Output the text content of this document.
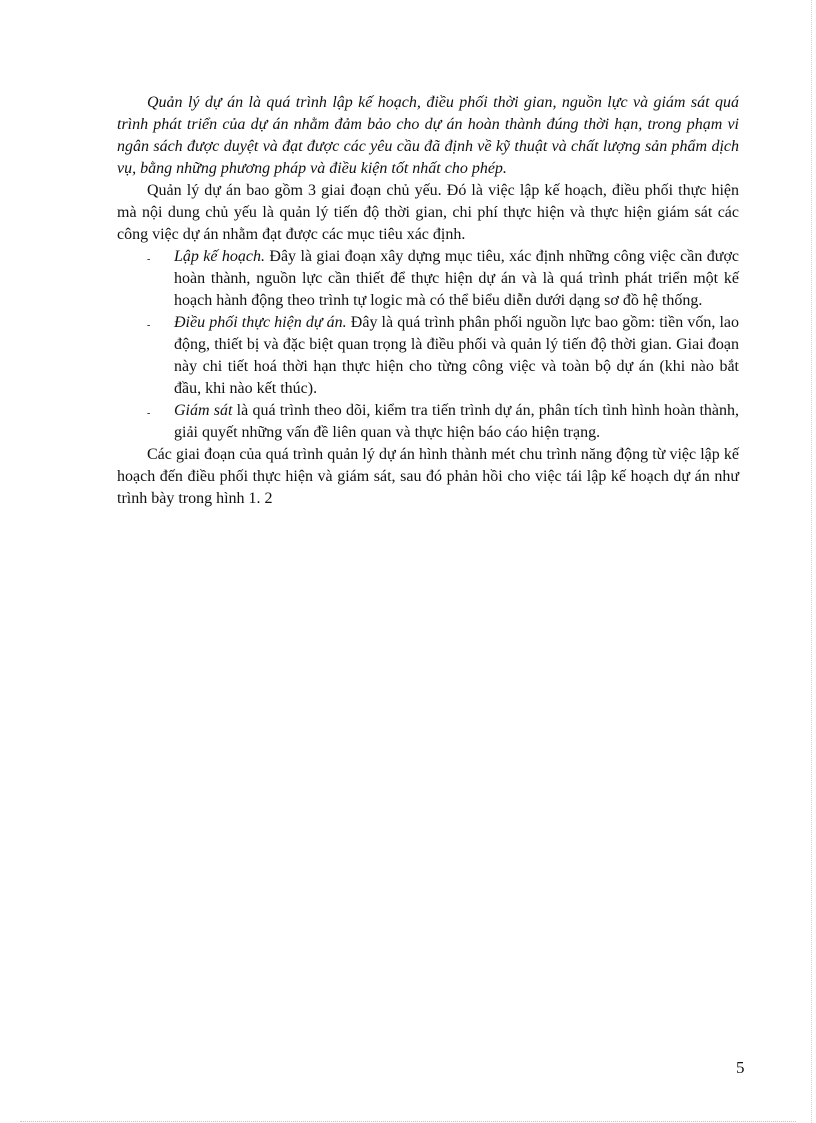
Quản lý dự án là quá trình lập kế hoạch, điều phối thời gian, nguồn lực và giám sát quá trình phát triển của dự án nhằm đảm bảo cho dự án hoàn thành đúng thời hạn, trong phạm vi ngân sách được duyệt và đạt được các yêu cầu đã định về kỹ thuật và chất lượng sản phẩm dịch vụ, bằng những phương pháp và điều kiện tốt nhất cho phép.

Quản lý dự án bao gồm 3 giai đoạn chủ yếu. Đó là việc lập kế hoạch, điều phối thực hiện mà nội dung chủ yếu là quản lý tiến độ thời gian, chi phí thực hiện và thực hiện giám sát các công việc dự án nhằm đạt được các mục tiêu xác định.

- Lập kế hoạch. Đây là giai đoạn xây dựng mục tiêu, xác định những công việc cần được hoàn thành, nguồn lực cần thiết để thực hiện dự án và là quá trình phát triển một kế hoạch hành động theo trình tự logic mà có thể biểu diễn dưới dạng sơ đồ hệ thống.
- Điều phối thực hiện dự án. Đây là quá trình phân phối nguồn lực bao gồm: tiền vốn, lao động, thiết bị và đặc biệt quan trọng là điều phối và quản lý tiến độ thời gian. Giai đoạn này chi tiết hoá thời hạn thực hiện cho từng công việc và toàn bộ dự án (khi nào bắt đầu, khi nào kết thúc).
- Giám sát là quá trình theo dõi, kiểm tra tiến trình dự án, phân tích tình hình hoàn thành, giải quyết những vấn đề liên quan và thực hiện báo cáo hiện trạng.

Các giai đoạn của quá trình quản lý dự án hình thành mét chu trình năng động từ việc lập kế hoạch đến điều phối thực hiện và giám sát, sau đó phản hồi cho việc tái lập kế hoạch dự án như trình bày trong hình 1. 2

5
